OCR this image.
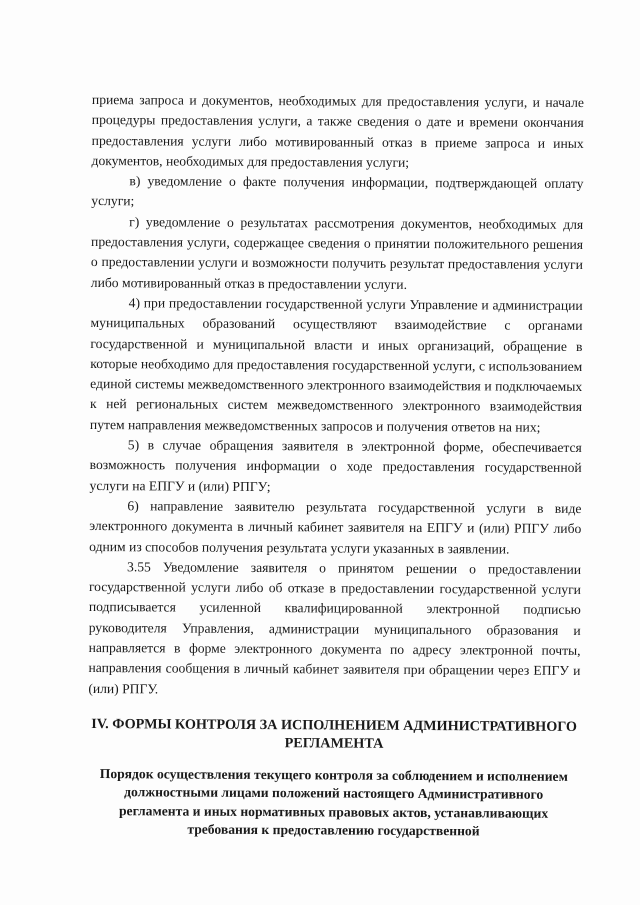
приема запроса и документов, необходимых для предоставления услуги, и начале процедуры предоставления услуги, а также сведения о дате и времени окончания предоставления услуги либо мотивированный отказ в приеме запроса и иных документов, необходимых для предоставления услуги;

в) уведомление о факте получения информации, подтверждающей оплату услуги;

г) уведомление о результатах рассмотрения документов, необходимых для предоставления услуги, содержащее сведения о принятии положительного решения о предоставлении услуги и возможности получить результат предоставления услуги либо мотивированный отказ в предоставлении услуги.

4) при предоставлении государственной услуги Управление и администрации муниципальных образований осуществляют взаимодействие с органами государственной и муниципальной власти и иных организаций, обращение в которые необходимо для предоставления государственной услуги, с использованием единой системы межведомственного электронного взаимодействия и подключаемых к ней региональных систем межведомственного электронного взаимодействия путем направления межведомственных запросов и получения ответов на них;

5) в случае обращения заявителя в электронной форме, обеспечивается возможность получения информации о ходе предоставления государственной услуги на ЕПГУ и (или) РПГУ;

6) направление заявителю результата государственной услуги в виде электронного документа в личный кабинет заявителя на ЕПГУ и (или) РПГУ либо одним из способов получения результата услуги указанных в заявлении.

3.55 Уведомление заявителя о принятом решении о предоставлении государственной услуги либо об отказе в предоставлении государственной услуги подписывается усиленной квалифицированной электронной подписью руководителя Управления, администрации муниципального образования и направляется в форме электронного документа по адресу электронной почты, направления сообщения в личный кабинет заявителя при обращении через ЕПГУ и (или) РПГУ.

IV. ФОРМЫ КОНТРОЛЯ ЗА ИСПОЛНЕНИЕМ АДМИНИСТРАТИВНОГО РЕГЛАМЕНТА
Порядок осуществления текущего контроля за соблюдением и исполнением должностными лицами положений настоящего Административного регламента и иных нормативных правовых актов, устанавливающих требования к предоставлению государственной
